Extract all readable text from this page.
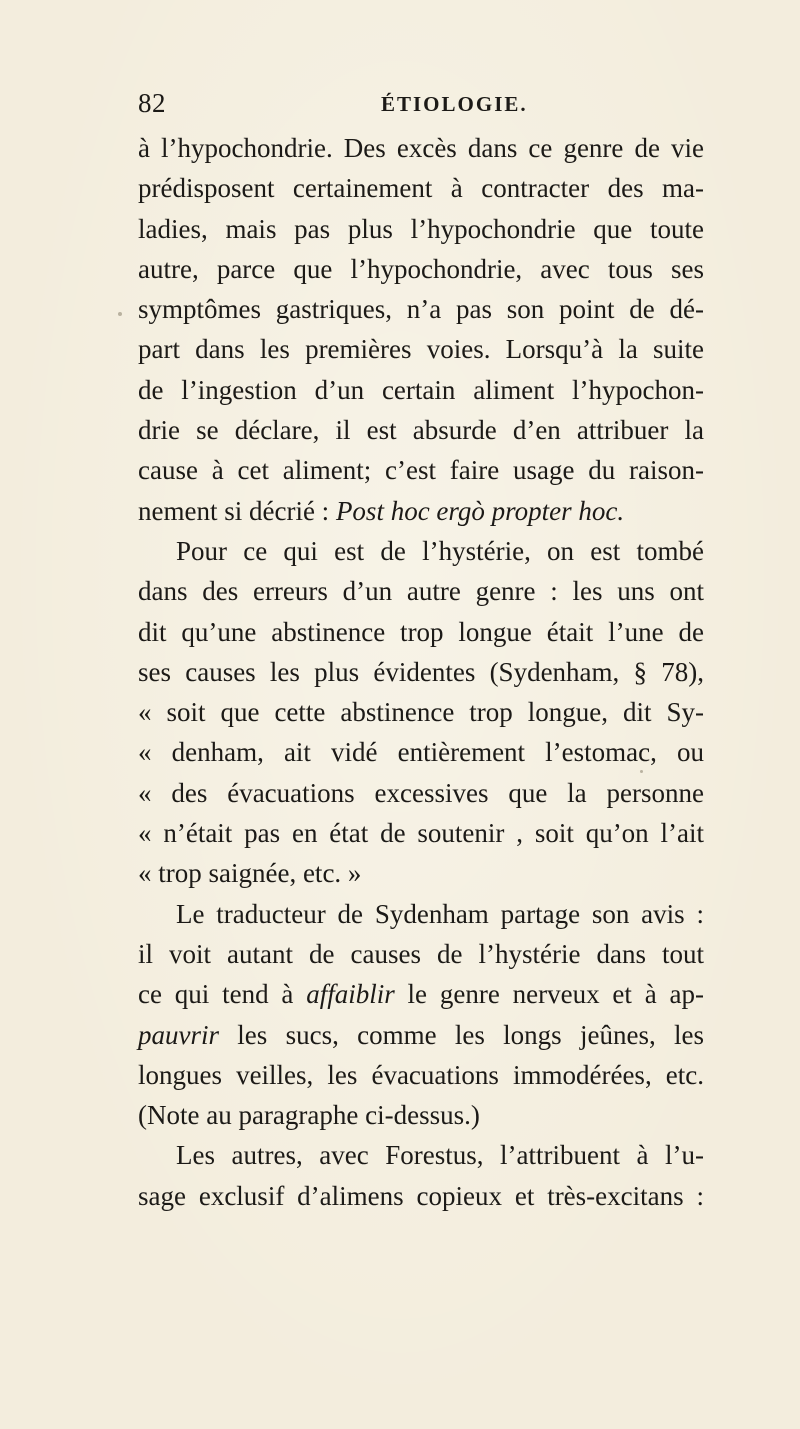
82	ÉTIOLOGIE.
à l’hypochondrie. Des excès dans ce genre de vie
prédisposent certainement à contracter des ma-
ladies, mais pas plus l’hypochondrie que toute
autre, parce que l’hypochondrie, avec tous ses
symptômes gastriques, n’a pas son point de dé-
part dans les premières voies. Lorsqu’à la suite
de l’ingestion d’un certain aliment l’hypochon-
drie se déclare, il est absurde d’en attribuer la
cause à cet aliment; c’est faire usage du raison-
nement si décrié : Post hoc ergò propter hoc.
Pour ce qui est de l’hystérie, on est tombé
dans des erreurs d’un autre genre : les uns ont
dit qu’une abstinence trop longue était l’une de
ses causes les plus évidentes (Sydenham, § 78),
« soit que cette abstinence trop longue, dit Sy-
« denham, ait vidé entièrement l’estomac, ou
« des évacuations excessives que la personne
« n’était pas en état de soutenir , soit qu’on l’ait
« trop saignée, etc. »
Le traducteur de Sydenham partage son avis :
il voit autant de causes de l’hystérie dans tout
ce qui tend à affaiblir le genre nerveux et à ap-
pauvrir les sucs, comme les longs jeûnes, les
longues veilles, les évacuations immodérées, etc.
(Note au paragraphe ci-dessus.)
Les autres, avec Forestus, l’attribuent à l’u-
sage exclusif d’alimens copieux et très-excitans :
